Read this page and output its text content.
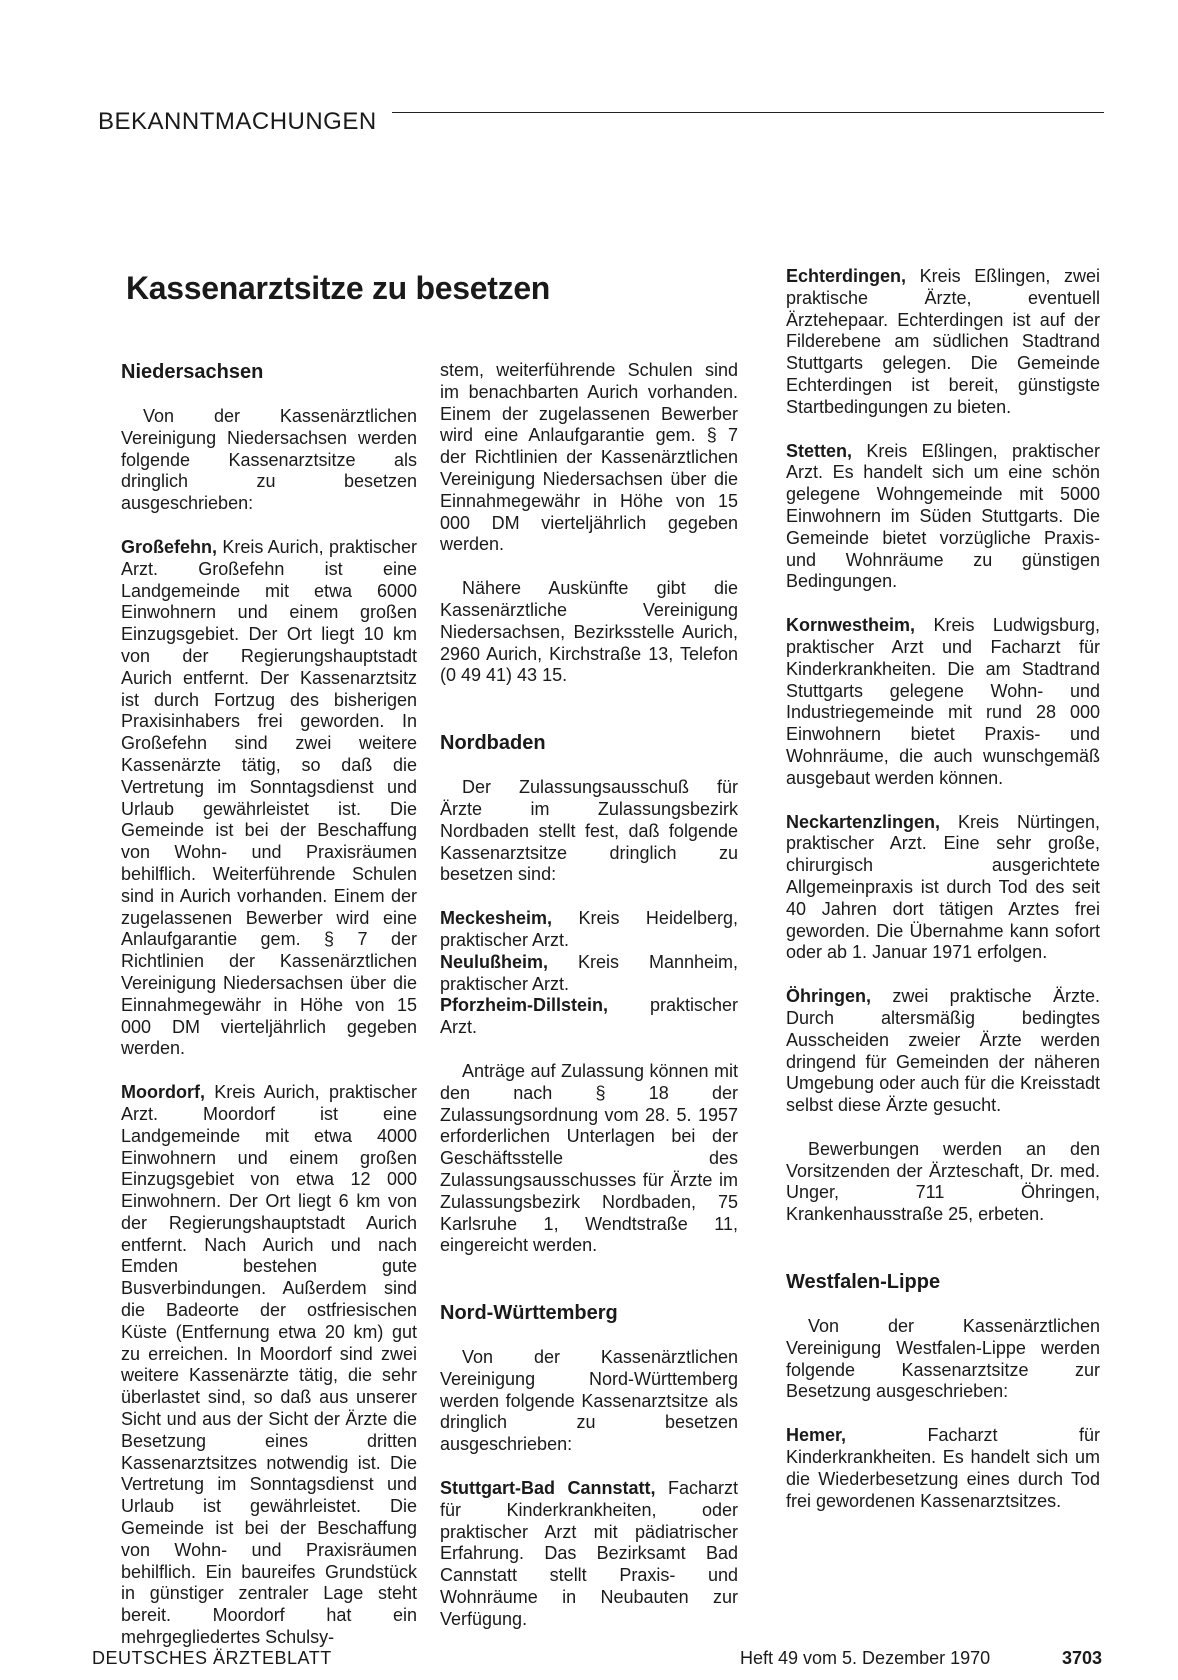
BEKANNTMACHUNGEN
Kassenarztsitze zu besetzen
Niedersachsen

Von der Kassenärztlichen Vereinigung Niedersachsen werden folgende Kassenarztsitze als dringlich zu besetzen ausgeschrieben:

Großefehn, Kreis Aurich, praktischer Arzt. Großefehn ist eine Landgemeinde mit etwa 6000 Einwohnern und einem großen Einzugsgebiet. Der Ort liegt 10 km von der Regierungshauptstadt Aurich entfernt. Der Kassenarztsitz ist durch Fortzug des bisherigen Praxisinhabers frei geworden. In Großefehn sind zwei weitere Kassenärzte tätig, so daß die Vertretung im Sonntagsdienst und Urlaub gewährleistet ist. Die Gemeinde ist bei der Beschaffung von Wohn- und Praxisräumen behilflich. Weiterführende Schulen sind in Aurich vorhanden. Einem der zugelassenen Bewerber wird eine Anlaufgarantie gem. § 7 der Richtlinien der Kassenärztlichen Vereinigung Niedersachsen über die Einnahmegewähr in Höhe von 15 000 DM vierteljährlich gegeben werden.

Moordorf, Kreis Aurich, praktischer Arzt. Moordorf ist eine Landgemeinde mit etwa 4000 Einwohnern und einem großen Einzugsgebiet von etwa 12 000 Einwohnern. Der Ort liegt 6 km von der Regierungshauptstadt Aurich entfernt. Nach Aurich und nach Emden bestehen gute Busverbindungen. Außerdem sind die Badeorte der ostfriesischen Küste (Entfernung etwa 20 km) gut zu erreichen. In Moordorf sind zwei weitere Kassenärzte tätig, die sehr überlastet sind, so daß aus unserer Sicht und aus der Sicht der Ärzte die Besetzung eines dritten Kassenarztsitzes notwendig ist. Die Vertretung im Sonntagsdienst und Urlaub ist gewährleistet. Die Gemeinde ist bei der Beschaffung von Wohn- und Praxisräumen behilflich. Ein baureifes Grundstück in günstiger zentraler Lage steht bereit. Moordorf hat ein mehrgegliedertes Schulsy-

stem, weiterführende Schulen sind im benachbarten Aurich vorhanden. Einem der zugelassenen Bewerber wird eine Anlaufgarantie gem. § 7 der Richtlinien der Kassenärztlichen Vereinigung Niedersachsen über die Einnahmegewähr in Höhe von 15 000 DM vierteljährlich gegeben werden.

Nähere Auskünfte gibt die Kassenärztliche Vereinigung Niedersachsen, Bezirksstelle Aurich, 2960 Aurich, Kirchstraße 13, Telefon (0 49 41) 43 15.

Nordbaden

Der Zulassungsausschuß für Ärzte im Zulassungsbezirk Nordbaden stellt fest, daß folgende Kassenarztsitze dringlich zu besetzen sind:

Meckesheim, Kreis Heidelberg, praktischer Arzt.

Neulußheim, Kreis Mannheim, praktischer Arzt.

Pforzheim-Dillstein, praktischer Arzt.

Anträge auf Zulassung können mit den nach § 18 der Zulassungsordnung vom 28. 5. 1957 erforderlichen Unterlagen bei der Geschäftsstelle des Zulassungsausschusses für Ärzte im Zulassungsbezirk Nordbaden, 75 Karlsruhe 1, Wendtstraße 11, eingereicht werden.

Nord-Württemberg

Von der Kassenärztlichen Vereinigung Nord-Württemberg werden folgende Kassenarztsitze als dringlich zu besetzen ausgeschrieben:

Stuttgart-Bad Cannstatt, Facharzt für Kinderkrankheiten, oder praktischer Arzt mit pädiatrischer Erfahrung. Das Bezirksamt Bad Cannstatt stellt Praxis- und Wohnräume in Neubauten zur Verfügung.

Echterdingen, Kreis Eßlingen, zwei praktische Ärzte, eventuell Ärztehepaar. Echterdingen ist auf der Filderebene am südlichen Stadtrand Stuttgarts gelegen. Die Gemeinde Echterdingen ist bereit, günstigste Startbedingungen zu bieten.

Stetten, Kreis Eßlingen, praktischer Arzt. Es handelt sich um eine schön gelegene Wohngemeinde mit 5000 Einwohnern im Süden Stuttgarts. Die Gemeinde bietet vorzügliche Praxis- und Wohnräume zu günstigen Bedingungen.

Kornwestheim, Kreis Ludwigsburg, praktischer Arzt und Facharzt für Kinderkrankheiten. Die am Stadtrand Stuttgarts gelegene Wohn- und Industriegemeinde mit rund 28 000 Einwohnern bietet Praxis- und Wohnräume, die auch wunschgemäß ausgebaut werden können.

Neckartenzlingen, Kreis Nürtingen, praktischer Arzt. Eine sehr große, chirurgisch ausgerichtete Allgemeinpraxis ist durch Tod des seit 40 Jahren dort tätigen Arztes frei geworden. Die Übernahme kann sofort oder ab 1. Januar 1971 erfolgen.

Öhringen, zwei praktische Ärzte. Durch altersmäßig bedingtes Ausscheiden zweier Ärzte werden dringend für Gemeinden der näheren Umgebung oder auch für die Kreisstadt selbst diese Ärzte gesucht.

Bewerbungen werden an den Vorsitzenden der Ärzteschaft, Dr. med. Unger, 711 Öhringen, Krankenhausstraße 25, erbeten.

Westfalen-Lippe

Von der Kassenärztlichen Vereinigung Westfalen-Lippe werden folgende Kassenarztsitze zur Besetzung ausgeschrieben:

Hemer, Facharzt für Kinderkrankheiten. Es handelt sich um die Wiederbesetzung eines durch Tod frei gewordenen Kassenarztsitzes.

DEUTSCHES ÄRZTEBLATT	Heft 49 vom 5. Dezember 1970	3703
